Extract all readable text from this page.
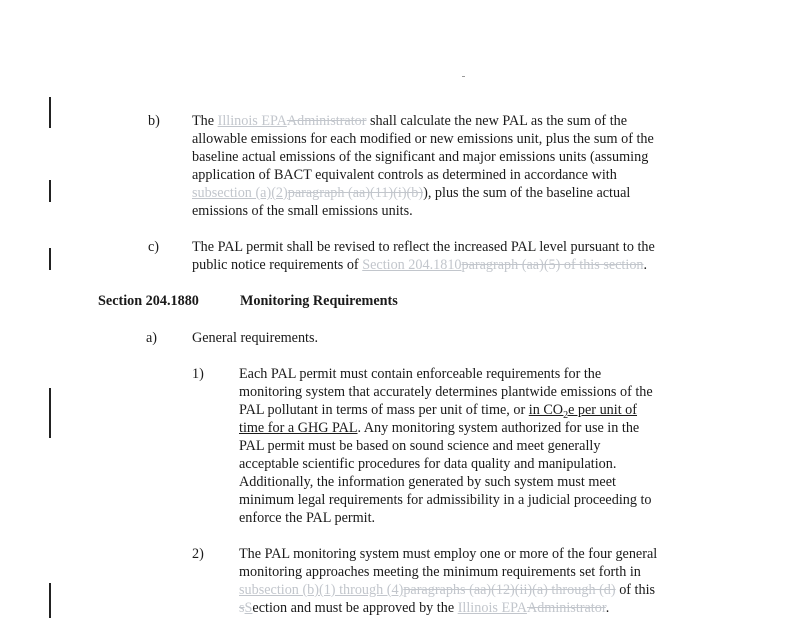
b) The Illinois EPAAdministrator shall calculate the new PAL as the sum of the
allowable emissions for each modified or new emissions unit, plus the sum of the
baseline actual emissions of the significant and major emissions units (assuming
application of BACT equivalent controls as determined in accordance with
subsection (a)(2)paragraph (aa)(11)(i)(b)), plus the sum of the baseline actual
emissions of the small emissions units.
c) The PAL permit shall be revised to reflect the increased PAL level pursuant to the
public notice requirements of Section 204.1810paragraph (aa)(5) of this section.
Section 204.1880	Monitoring Requirements
a) General requirements.
1) Each PAL permit must contain enforceable requirements for the
monitoring system that accurately determines plantwide emissions of the
PAL pollutant in terms of mass per unit of time, or in $CO_2e$ per unit of
time for a GHG PAL. Any monitoring system authorized for use in the
PAL permit must be based on sound science and meet generally
acceptable scientific procedures for data quality and manipulation.
Additionally, the information generated by such system must meet
minimum legal requirements for admissibility in a judicial proceeding to
enforce the PAL permit.
2) The PAL monitoring system must employ one or more of the four general
monitoring approaches meeting the minimum requirements set forth in
subsection (b)(1) through (4)paragraphs (aa)(12)(ii)(a) through (d) of this
sSection and must be approved by the Illinois EPAAdministrator.
